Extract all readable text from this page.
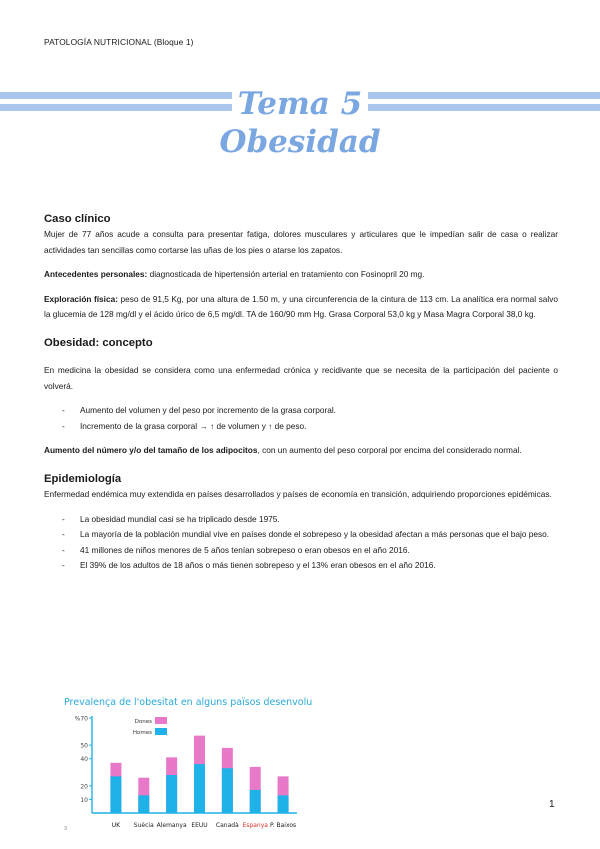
PATOLOGÍA NUTRICIONAL (Bloque 1)
Tema 5
Obesidad
Caso clínico

Mujer de 77 años acude a consulta para presentar fatiga, dolores musculares y articulares que le impedían salir de casa o realizar actividades tan sencillas como cortarse las uñas de los pies o atarse los zapatos.

Antecedentes personales: diagnosticada de hipertensión arterial en tratamiento con Fosinopril 20 mg.

Exploración física: peso de 91,5 Kg, por una altura de 1.50 m, y una circunferencia de la cintura de 113 cm. La analítica era normal salvo la glucemia de 128 mg/dl y el ácido úrico de 6,5 mg/dl. TA de 160/90 mm Hg. Grasa Corporal 53,0 kg y Masa Magra Corporal 38,0 kg.

Obesidad: concepto

En medicina la obesidad se considera como una enfermedad crónica y recidivante que se necesita de la participación del paciente o volverá.

- Aumento del volumen y del peso por incremento de la grasa corporal.
- Incremento de la grasa corporal → ↑ de volumen y ↑ de peso.

Aumento del número y/o del tamaño de los adipocitos, con un aumento del peso corporal por encima del considerado normal.

Epidemiología

Enfermedad endémica muy extendida en países desarrollados y países de economía en transición, adquiriendo proporciones epidémicas.

- La obesidad mundial casi se ha triplicado desde 1975.
- La mayoría de la población mundial vive en países donde el sobrepeso y la obesidad afectan a más personas que el bajo peso.
- 41 millones de niños menores de 5 años tenían sobrepeso o eran obesos en el año 2016.
- El 39% de los adultos de 18 años o más tienen sobrepeso y el 13% eran obesos en el año 2016.
Prevalença de l'obesitat en alguns països desenvolupats
10
20
40
50
%70
UK Suècia Alemanya EEUU Canadà Espanya P. Baixos
Dones
Homes
1
3
